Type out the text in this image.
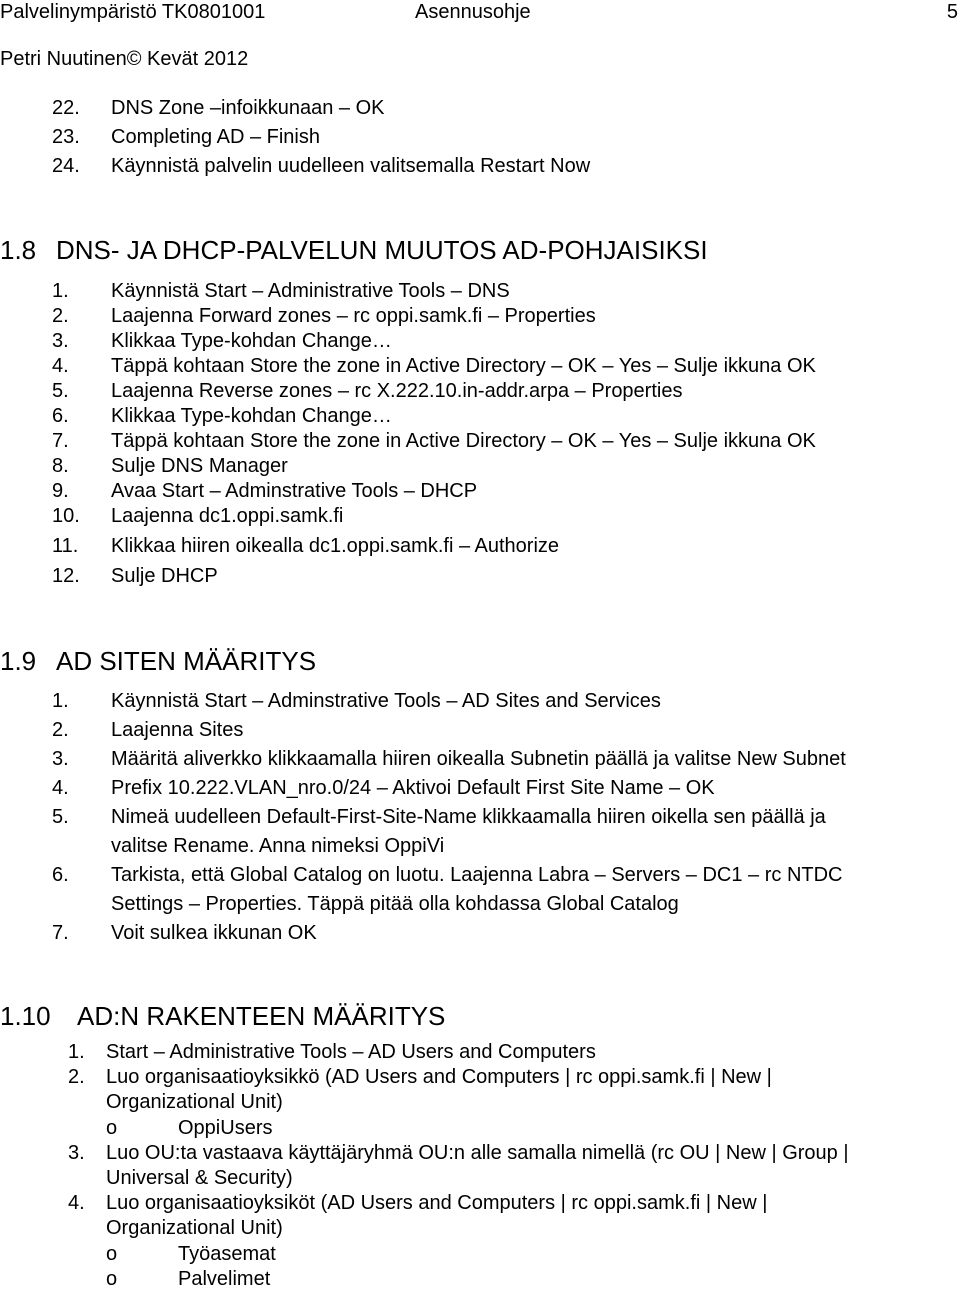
Palvelinympäristö TK0801001	Asennusohje	5
Petri Nuutinen© Kevät 2012
22. DNS Zone –infoikkunaan – OK
23. Completing AD – Finish
24. Käynnistä palvelin uudelleen valitsemalla Restart Now
1.8 DNS- JA DHCP-PALVELUN MUUTOS AD-POHJAISIKSI
1. Käynnistä Start – Administrative Tools – DNS
2. Laajenna Forward zones – rc oppi.samk.fi – Properties
3. Klikkaa Type-kohdan Change…
4. Täppä kohtaan Store the zone in Active Directory – OK – Yes – Sulje ikkuna OK
5. Laajenna Reverse zones – rc X.222.10.in-addr.arpa – Properties
6. Klikkaa Type-kohdan Change…
7. Täppä kohtaan Store the zone in Active Directory – OK – Yes – Sulje ikkuna OK
8. Sulje DNS Manager
9. Avaa Start – Adminstrative Tools – DHCP
10. Laajenna dc1.oppi.samk.fi
11. Klikkaa hiiren oikealla dc1.oppi.samk.fi – Authorize
12. Sulje DHCP
1.9 AD SITEN MÄÄRITYS
1. Käynnistä Start – Adminstrative Tools – AD Sites and Services
2. Laajenna Sites
3. Määritä aliverkko klikkaamalla hiiren oikealla Subnetin päällä ja valitse New Subnet
4. Prefix 10.222.VLAN_nro.0/24 – Aktivoi Default First Site Name – OK
5. Nimeä uudelleen Default-First-Site-Name klikkaamalla hiiren oikella sen päällä ja
valitse Rename. Anna nimeksi OppiVi
6. Tarkista, että Global Catalog on luotu. Laajenna Labra – Servers – DC1 – rc NTDC
Settings – Properties. Täppä pitää olla kohdassa Global Catalog
7. Voit sulkea ikkunan OK
1.10 AD:N RAKENTEEN MÄÄRITYS
1. Start – Administrative Tools – AD Users and Computers
2. Luo organisaatioyksikkö (AD Users and Computers | rc oppi.samk.fi | New |
Organizational Unit)
o	OppiUsers
3. Luo OU:ta vastaava käyttäjäryhmä OU:n alle samalla nimellä (rc OU | New | Group |
Universal & Security)
4. Luo organisaatioyksiköt (AD Users and Computers | rc oppi.samk.fi | New |
Organizational Unit)
o	Työasemat
o	Palvelimet
